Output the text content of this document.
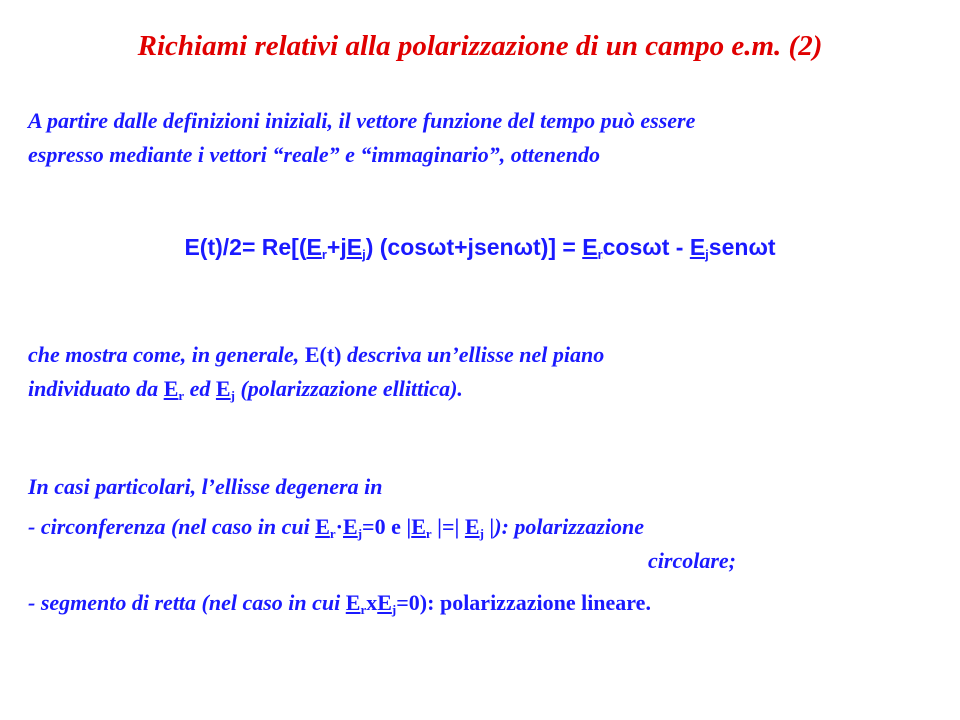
Richiami relativi alla polarizzazione di un campo e.m. (2)
A partire dalle definizioni iniziali, il vettore funzione del tempo può essere
espresso mediante i vettori “reale” e “immaginario”, ottenendo
$E(t)/2= Re[(E_r+jE_j)$ (cosωt+jsenωt)] = $E_r\cos\omega t - E_jsen\omega t$
che mostra come, in generale, E(t) descriva un’ellisse nel piano
individuato da $E_r$ ed $E_j$ (polarizzazione ellittica).
In casi particolari, l’ellisse degenera in
- circonferenza (nel caso in cui $E_r\cdot E_j=0$ e $|E_r$ |=| $E_j$ |): polarizzazione
circolare;
- segmento di retta (nel caso in cui $E_rxE_j=0$): polarizzazione lineare.
